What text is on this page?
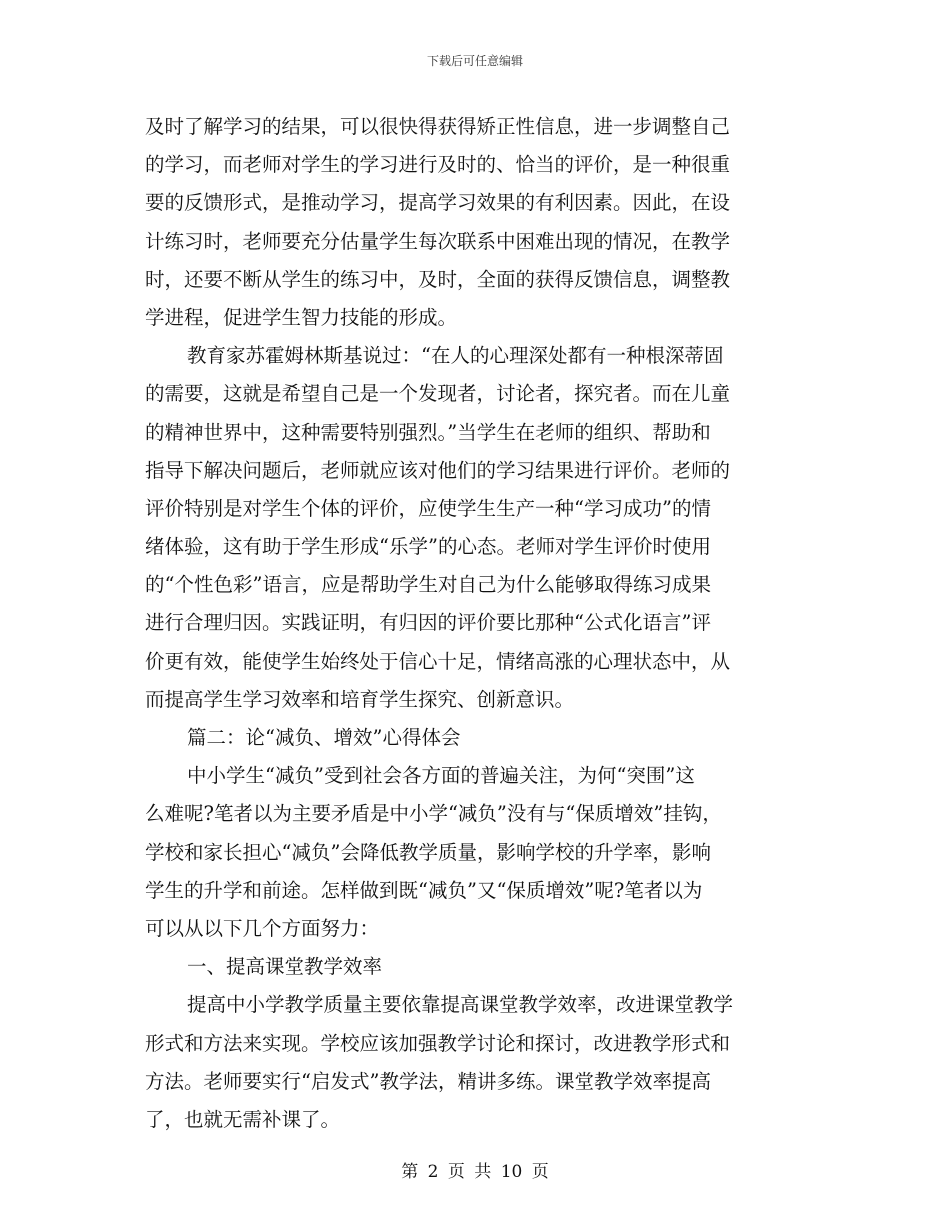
下载后可任意编辑
及时了解学习的结果，可以很快得获得矫正性信息，进一步调整自己
的学习，而老师对学生的学习进行及时的、恰当的评价，是一种很重
要的反馈形式，是推动学习，提高学习效果的有利因素。因此，在设
计练习时，老师要充分估量学生每次联系中困难出现的情况，在教学
时，还要不断从学生的练习中，及时，全面的获得反馈信息，调整教
学进程，促进学生智力技能的形成。
教育家苏霍姆林斯基说过：“在人的心理深处都有一种根深蒂固
的需要，这就是希望自己是一个发现者，讨论者，探究者。而在儿童
的精神世界中，这种需要特别强烈。”当学生在老师的组织、帮助和
指导下解决问题后，老师就应该对他们的学习结果进行评价。老师的
评价特别是对学生个体的评价，应使学生生产一种“学习成功”的情
绪体验，这有助于学生形成“乐学”的心态。老师对学生评价时使用
的“个性色彩”语言，应是帮助学生对自己为什么能够取得练习成果
进行合理归因。实践证明，有归因的评价要比那种“公式化语言”评
价更有效，能使学生始终处于信心十足，情绪高涨的心理状态中，从
而提高学生学习效率和培育学生探究、创新意识。
篇二：论“减负、增效”心得体会
中小学生“减负”受到社会各方面的普遍关注，为何“突围”这
么难呢?笔者以为主要矛盾是中小学“减负”没有与“保质增效”挂钩，
学校和家长担心“减负”会降低教学质量，影响学校的升学率，影响
学生的升学和前途。怎样做到既“减负”又“保质增效”呢?笔者以为
可以从以下几个方面努力：
一、提高课堂教学效率
提高中小学教学质量主要依靠提高课堂教学效率，改进课堂教学
形式和方法来实现。学校应该加强教学讨论和探讨，改进教学形式和
方法。老师要实行“启发式”教学法，精讲多练。课堂教学效率提高
了，也就无需补课了。
第 2 页 共 10 页
